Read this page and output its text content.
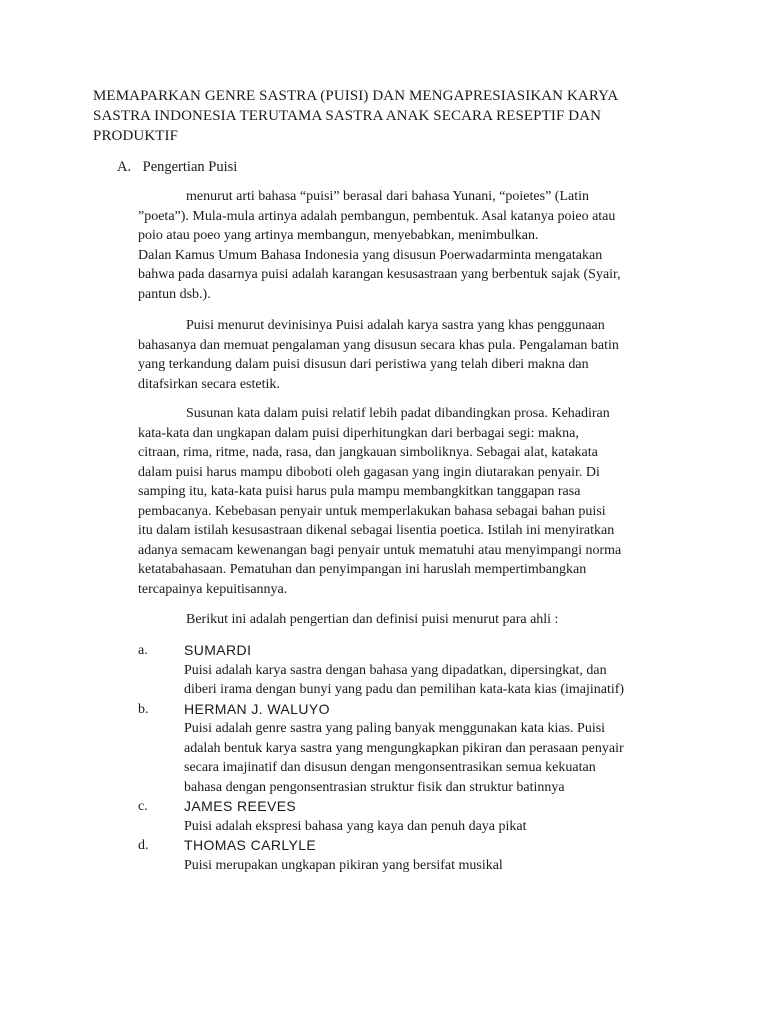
MEMAPARKAN GENRE SASTRA (PUISI) DAN MENGAPRESIASIKAN KARYA
SASTRA INDONESIA TERUTAMA SASTRA ANAK SECARA RESEPTIF DAN
PRODUKTIF
A. Pengertian Puisi
menurut arti bahasa “puisi” berasal dari bahasa Yunani, “poietes” (Latin
”poeta”). Mula-mula artinya adalah pembangun, pembentuk. Asal katanya poieo atau
poio atau poeo yang artinya membangun, menyebabkan, menimbulkan.
Dalan Kamus Umum Bahasa Indonesia yang disusun Poerwadarminta mengatakan
bahwa pada dasarnya puisi adalah karangan kesusastraan yang berbentuk sajak (Syair,
pantun dsb.).
Puisi menurut devinisinya Puisi adalah karya sastra yang khas penggunaan
bahasanya dan memuat pengalaman yang disusun secara khas pula. Pengalaman batin
yang terkandung dalam puisi disusun dari peristiwa yang telah diberi makna dan
ditafsirkan secara estetik.
Susunan kata dalam puisi relatif lebih padat dibandingkan prosa. Kehadiran
kata-kata dan ungkapan dalam puisi diperhitungkan dari berbagai segi: makna,
citraan, rima, ritme, nada, rasa, dan jangkauan simboliknya. Sebagai alat, katakata
dalam puisi harus mampu diboboti oleh gagasan yang ingin diutarakan penyair. Di
samping itu, kata-kata puisi harus pula mampu membangkitkan tanggapan rasa
pembacanya. Kebebasan penyair untuk memperlakukan bahasa sebagai bahan puisi
itu dalam istilah kesusastraan dikenal sebagai lisentia poetica. Istilah ini menyiratkan
adanya semacam kewenangan bagi penyair untuk mematuhi atau menyimpangi norma
ketatabahasaan. Pematuhan dan penyimpangan ini haruslah mempertimbangkan
tercapainya kepuitisannya.
Berikut ini adalah pengertian dan definisi puisi menurut para ahli :
a.	SUMARDI
Puisi adalah karya sastra dengan bahasa yang dipadatkan, dipersingkat, dan
diberi irama dengan bunyi yang padu dan pemilihan kata-kata kias (imajinatif)
b.	HERMAN J. WALUYO
Puisi adalah genre sastra yang paling banyak menggunakan kata kias. Puisi
adalah bentuk karya sastra yang mengungkapkan pikiran dan perasaan penyair
secara imajinatif dan disusun dengan mengonsentrasikan semua kekuatan
bahasa dengan pengonsentrasian struktur fisik dan struktur batinnya
c.	JAMES REEVES
Puisi adalah ekspresi bahasa yang kaya dan penuh daya pikat
d.	THOMAS CARLYLE
Puisi merupakan ungkapan pikiran yang bersifat musikal
